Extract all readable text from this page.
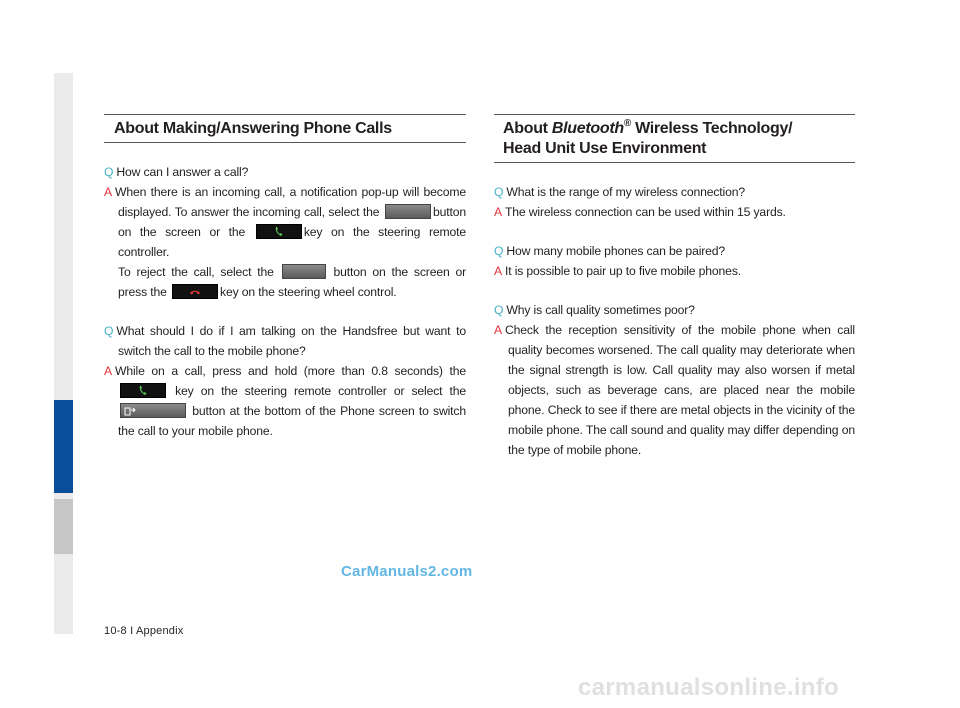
About Making/Answering Phone Calls

Q How can I answer a call?

A When there is an incoming call, a notification pop-up will become displayed. To answer the incoming call, select the	button on the screen or the	key on the steering remote controller.

To reject the call, select the	button on the screen or press the	key on the steering wheel control.

Q What should I do if I am talking on the Handsfree but want to switch the call to the mobile phone?

A While on a call, press and hold (more than 0.8 seconds) the
key on the steering remote controller or select the
button at the bottom of the Phone screen to switch the call to your mobile phone.

About Bluetooth® Wireless Technology/
Head Unit Use Environment

Q What is the range of my wireless connection?

A The wireless connection can be used within 15 yards.

Q How many mobile phones can be paired?

A It is possible to pair up to five mobile phones.

Q Why is call quality sometimes poor?

A Check the reception sensitivity of the mobile phone when call quality becomes worsened. The call quality may deteriorate when the signal strength is low. Call quality may also worsen if metal objects, such as beverage cans, are placed near the mobile phone. Check to see if there are metal objects in the vicinity of the mobile phone. The call sound and quality may differ depending on the type of mobile phone.

CarManuals2.com
10-8 I Appendix
carmanualsonline.info
